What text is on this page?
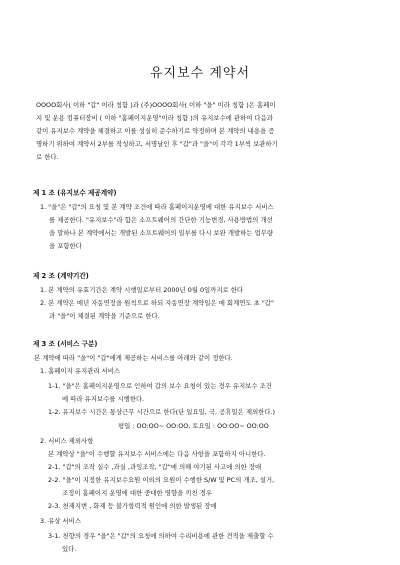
유지보수 계약서
OOOO회사( 이하 "갑" 이라 칭함 )과 (주)OOOO회사( 이하 "을" 이라 칭함 )은 홈페이
지 및 운용 컴퓨터장비 ( 이하 "홈페이지운영"이라 칭함 )의 유지보수에 관하여 다음과
같이 유지보수 계약을 체결하고 이를 성실히 준수하기로 약정하며 본 계약의 내용을 증
명하기 위하여 계약서 2부를 작성하고, 서명날인 후 "갑"과 "을"이 각각 1부씩 보관하기
로 한다.
제 1 조 (유지보수 제공계약)
1. "을"은 "갑"의 요청 및 본 계약 조건에 따라 홈페이지운영에 대한 유지보수 서비스
를 제공한다. "유지보수"라 함은 소프트웨어의 간단한 기능변경, 사용방법의 개선
을 말하나 본 계약에서는 개발된 소프트웨어의 일부를 다시 보완 개발하는 업무량
을 포함한다
제 2 조 (계약기간)
1. 본 계약의 유효기간은 계약 시행일로부터 2000년 0월 0일까지로 한다
2. 본 계약은 매년 자동연장을 원칙으로 하되 자동연장 계약일은 매 회계연도 초 "갑"
과 "을"이 체결된 계약을 기준으로 한다.
제 3 조 (서비스 구분)
본 계약에 따라 "을"이 "갑"에게 제공하는 서비스를 아래와 같이 정한다.
1. 홈페이지 유지관리 서비스
1-1. "을"은 홈페이지운영으로 인하여 갑의 보수 요청이 있는 경우 유지보수 조건
에 따라 유지보수를 시행한다.
1-2. 유지보수 시간은 통상근무 시간으로 한다(단 일요일, 국, 공휴일은 제외한다.)
평일 : OO:OO~ OO:OO, 토요일 : OO:OO~ OO:OO
2. 서비스 제외사항
본 계약상 "을"이 수행할 유지보수 서비스에는 다음 사항을 포함하지 아니한다.
2-1. "갑"의 조작 실수 ,과실 ,과잉조작, "갑"에 의해 야기된 사고에 의한 장애
2-2. "을"이 지정한 유지보수요원 이외의 요원이 수행한 S/W 및 PC의 개조, 설거,
조정이 홈페이지 운영에 대한 중대한 영향을 끼친 경우
2-3. 천재지변 , 화재 등 불가항력적 원인에 의한 발생된 장애
3. 유상 서비스
3-1. 천향의 경우 "을"은 "갑"의 요청에 의하여 수리비용에 관한 견적을 제출할 수
있다.
